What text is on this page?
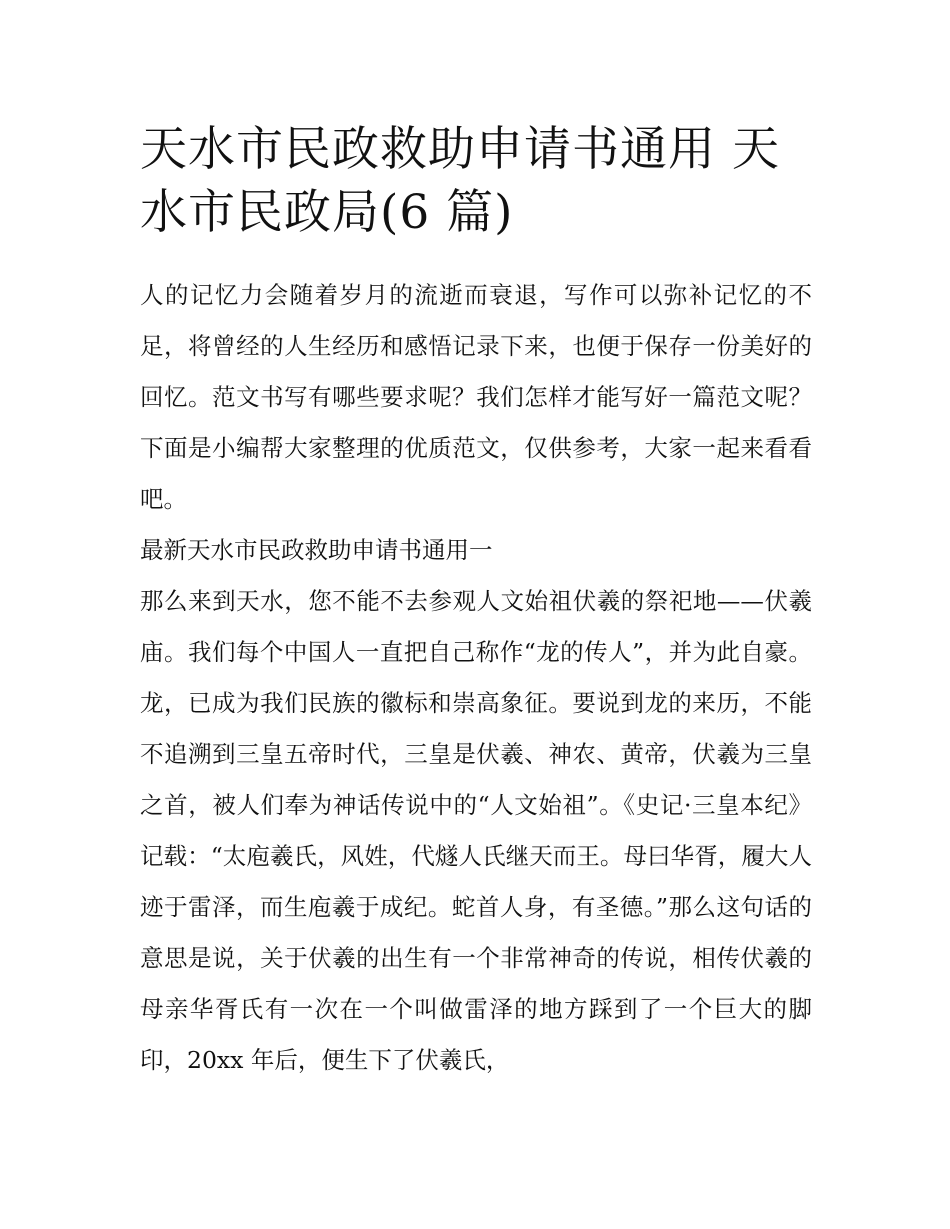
天水市民政救助申请书通用 天
水市民政局(6 篇)

人的记忆力会随着岁月的流逝而衰退，写作可以弥补记忆的不足，将曾经的人生经历和感悟记录下来，也便于保存一份美好的回忆。范文书写有哪些要求呢？我们怎样才能写好一篇范文呢？下面是小编帮大家整理的优质范文，仅供参考，大家一起来看看吧。

最新天水市民政救助申请书通用一

那么来到天水，您不能不去参观人文始祖伏羲的祭祀地——伏羲庙。我们每个中国人一直把自己称作“龙的传人”，并为此自豪。龙，已成为我们民族的徽标和崇高象征。要说到龙的来历，不能不追溯到三皇五帝时代，三皇是伏羲、神农、黄帝，伏羲为三皇之首，被人们奉为神话传说中的“人文始祖”。《史记·三皇本纪》记载：“太庖羲氏，风姓，代燧人氏继天而王。母曰华胥，履大人迹于雷泽，而生庖羲于成纪。蛇首人身，有圣德。”那么这句话的意思是说，关于伏羲的出生有一个非常神奇的传说，相传伏羲的母亲华胥氏有一次在一个叫做雷泽的地方踩到了一个巨大的脚印，20xx 年后，便生下了伏羲氏，
